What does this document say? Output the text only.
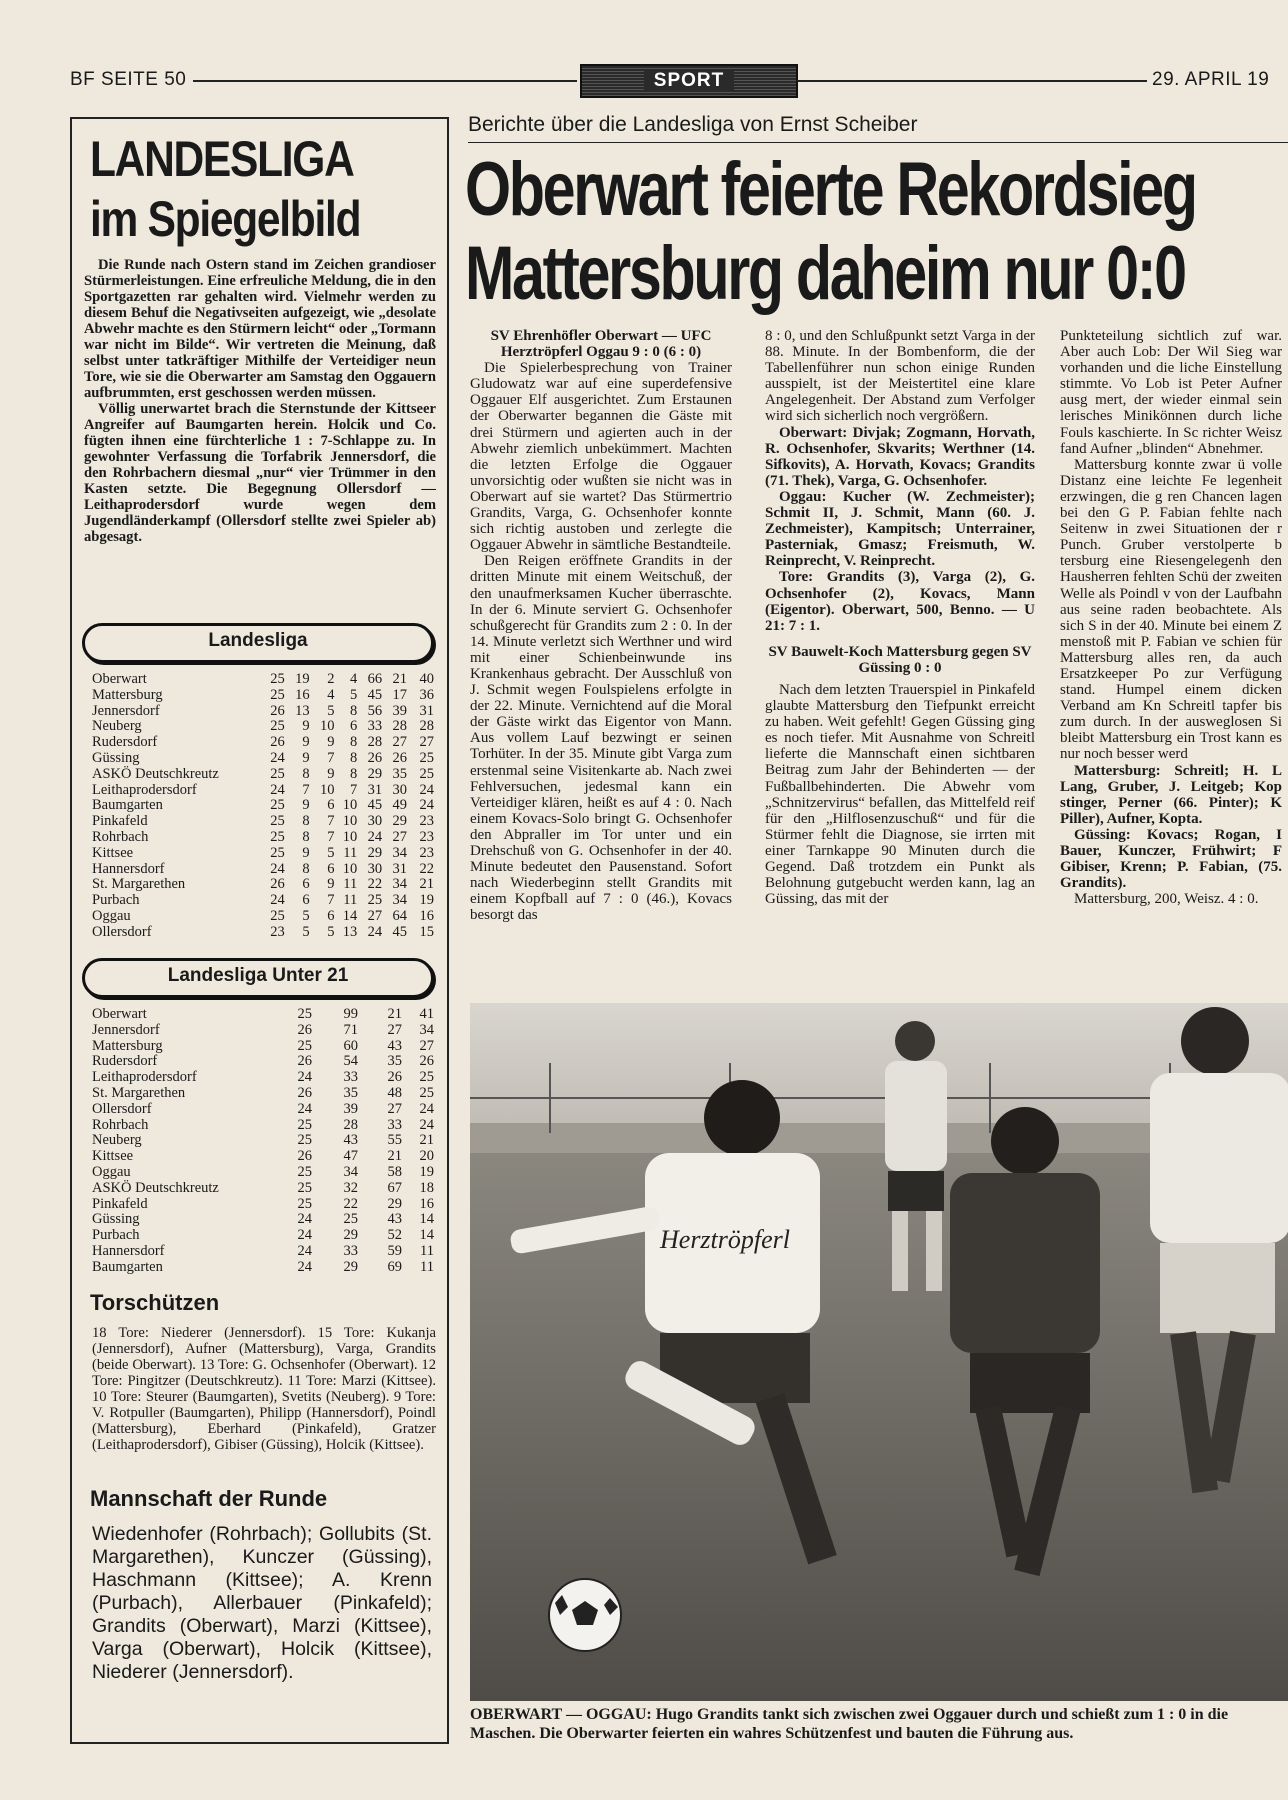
BF SEITE 50	SPORT	29. APRIL 19
LANDESLIGA
im Spiegelbild

Die Runde nach Ostern stand im Zeichen grandioser Stürmerleistungen. Eine erfreuliche Meldung, die in den Sportgazetten rar gehalten wird. Vielmehr werden zu diesem Behuf die Negativseiten aufgezeigt, wie „desolate Abwehr machte es den Stürmern leicht“ oder „Tormann war nicht im Bilde“. Wir vertreten die Meinung, daß selbst unter tatkräftiger Mithilfe der Verteidiger neun Tore, wie sie die Oberwarter am Samstag den Oggauern aufbrummten, erst geschossen werden müssen.

Völlig unerwartet brach die Sternstunde der Kittseer Angreifer auf Baumgarten herein. Holcik und Co. fügten ihnen eine fürchterliche 1 : 7-Schlappe zu. In gewohnter Verfassung die Torfabrik Jennersdorf, die den Rohrbachern diesmal „nur“ vier Trümmer in den Kasten setzte. Die Begegnung Ollersdorf — Leithaprodersdorf wurde wegen dem Jugendländerkampf (Ollersdorf stellte zwei Spieler ab) abgesagt.

Landesliga
Oberwart	25	19	2	4	66	21	40
Mattersburg	25	16	4	5	45	17	36
Jennersdorf	26	13	5	8	56	39	31
Neuberg	25	9	10	6	33	28	28
Rudersdorf	26	9	9	8	28	27	27
Güssing	24	9	7	8	26	26	25
ASKÖ Deutschkreutz	25	8	9	8	29	35	25
Leithaprodersdorf	24	7	10	7	31	30	24
Baumgarten	25	9	6	10	45	49	24
Pinkafeld	25	8	7	10	30	29	23
Rohrbach	25	8	7	10	24	27	23
Kittsee	25	9	5	11	29	34	23
Hannersdorf	24	8	6	10	30	31	22
St. Margarethen	26	6	9	11	22	34	21
Purbach	24	6	7	11	25	34	19
Oggau	25	5	6	14	27	64	16
Ollersdorf	23	5	5	13	24	45	15
Landesliga Unter 21
Oberwart	25	99	21	41
Jennersdorf	26	71	27	34
Mattersburg	25	60	43	27
Rudersdorf	26	54	35	26
Leithaprodersdorf	24	33	26	25
St. Margarethen	26	35	48	25
Ollersdorf	24	39	27	24
Rohrbach	25	28	33	24
Neuberg	25	43	55	21
Kittsee	26	47	21	20
Oggau	25	34	58	19
ASKÖ Deutschkreutz	25	32	67	18
Pinkafeld	25	22	29	16
Güssing	24	25	43	14
Purbach	24	29	52	14
Hannersdorf	24	33	59	11
Baumgarten	24	29	69	11
Torschützen
18 Tore: Niederer (Jennersdorf). 15 Tore: Kukanja (Jennersdorf), Aufner (Mattersburg), Varga, Grandits (beide Oberwart). 13 Tore: G. Ochsenhofer (Oberwart). 12 Tore: Pingitzer (Deutschkreutz). 11 Tore: Marzi (Kittsee). 10 Tore: Steurer (Baumgarten), Svetits (Neuberg). 9 Tore: V. Rotpuller (Baumgarten), Philipp (Hannersdorf), Poindl (Mattersburg), Eberhard (Pinkafeld), Gratzer (Leithaprodersdorf), Gibiser (Güssing), Holcik (Kittsee).
Mannschaft der Runde
Wiedenhofer (Rohrbach); Gollubits (St. Margarethen), Kunczer (Güssing), Haschmann (Kittsee); A. Krenn (Purbach), Allerbauer (Pinkafeld); Grandits (Oberwart), Marzi (Kittsee), Varga (Oberwart), Holcik (Kittsee), Niederer (Jennersdorf).
Berichte über die Landesliga von Ernst Scheiber
Oberwart feierte Rekordsieg
Mattersburg daheim nur 0:0

SV Ehrenhöfler Oberwart — UFC Herztröpferl Oggau 9 : 0 (6 : 0)

Die Spielerbesprechung von Trainer Gludowatz war auf eine superdefensive Oggauer Elf ausgerichtet. Zum Erstaunen der Oberwarter begannen die Gäste mit drei Stürmern und agierten auch in der Abwehr ziemlich unbekümmert. Machten die letzten Erfolge die Oggauer unvorsichtig oder wußten sie nicht was in Oberwart auf sie wartet? Das Stürmertrio Grandits, Varga, G. Ochsenhofer konnte sich richtig austoben und zerlegte die Oggauer Abwehr in sämtliche Bestandteile.

Den Reigen eröffnete Grandits in der dritten Minute mit einem Weitschuß, der den unaufmerksamen Kucher überraschte. In der 6. Minute serviert G. Ochsenhofer schußgerecht für Grandits zum 2 : 0. In der 14. Minute verletzt sich Werthner und wird mit einer Schienbeinwunde ins Krankenhaus gebracht. Der Ausschluß von J. Schmit wegen Foulspielens erfolgte in der 22. Minute. Vernichtend auf die Moral der Gäste wirkt das Eigentor von Mann. Aus vollem Lauf bezwingt er seinen Torhüter. In der 35. Minute gibt Varga zum erstenmal seine Visitenkarte ab. Nach zwei Fehlversuchen, jedesmal kann ein Verteidiger klären, heißt es auf 4 : 0. Nach einem Kovacs-Solo bringt G. Ochsenhofer den Abpraller im Tor unter und ein Drehschuß von G. Ochsenhofer in der 40. Minute bedeutet den Pausenstand. Sofort nach Wiederbeginn stellt Grandits mit einem Kopfball auf 7 : 0 (46.), Kovacs besorgt das

8 : 0, und den Schlußpunkt setzt Varga in der 88. Minute. In der Bombenform, die der Tabellenführer nun schon einige Runden ausspielt, ist der Meistertitel eine klare Angelegenheit. Der Abstand zum Verfolger wird sich sicherlich noch vergrößern.

Oberwart: Divjak; Zogmann, Horvath, R. Ochsenhofer, Skvarits; Werthner (14. Sifkovits), A. Horvath, Kovacs; Grandits (71. Thek), Varga, G. Ochsenhofer.

Oggau: Kucher (W. Zechmeister); Schmit II, J. Schmit, Mann (60. J. Zechmeister), Kampitsch; Unterrainer, Pasterniak, Gmasz; Freismuth, W. Reinprecht, V. Reinprecht.

Tore: Grandits (3), Varga (2), G. Ochsenhofer (2), Kovacs, Mann (Eigentor). Oberwart, 500, Benno. — U 21: 7 : 1.

SV Bauwelt-Koch Mattersburg gegen SV Güssing 0 : 0

Nach dem letzten Trauerspiel in Pinkafeld glaubte Mattersburg den Tiefpunkt erreicht zu haben. Weit gefehlt! Gegen Güssing ging es noch tiefer. Mit Ausnahme von Schreitl lieferte die Mannschaft einen sichtbaren Beitrag zum Jahr der Behinderten — der Fußballbehinderten. Die Abwehr vom „Schnitzervirus“ befallen, das Mittelfeld reif für den „Hilflosenzuschuß“ und für die Stürmer fehlt die Diagnose, sie irrten mit einer Tarnkappe 90 Minuten durch die Gegend. Daß trotzdem ein Punkt als Belohnung gutgebucht werden kann, lag an Güssing, das mit der

Punkteteilung sichtlich zuf war. Aber auch Lob: Der Wil Sieg war vorhanden und die liche Einstellung stimmte. Vo Lob ist Peter Aufner ausg mert, der wieder einmal sein lerisches Minikönnen durch liche Fouls kaschierte. In Sc richter Weisz fand Aufner „blinden“ Abnehmer.

Mattersburg konnte zwar ü volle Distanz eine leichte Fe legenheit erzwingen, die g ren Chancen lagen bei den G P. Fabian fehlte nach Seitenw in zwei Situationen der r Punch. Gruber verstolperte b tersburg eine Riesengelegenh den Hausherren fehlten Schü der zweiten Welle als Poindl v von der Laufbahn aus seine raden beobachtete. Als sich S in der 40. Minute bei einem Z menstoß mit P. Fabian ve schien für Mattersburg alles ren, da auch Ersatzkeeper Po zur Verfügung stand. Humpel einem dicken Verband am Kn Schreitl tapfer bis zum durch. In der ausweglosen Si bleibt Mattersburg ein Trost kann es nur noch besser werd

Mattersburg: Schreitl; H. L Lang, Gruber, J. Leitgeb; Kop stinger, Perner (66. Pinter); K Piller), Aufner, Kopta.

Güssing: Kovacs; Rogan, I Bauer, Kunczer, Frühwirt; F Gibiser, Krenn; P. Fabian, (75. Grandits).

Mattersburg, 200, Weisz. 4 : 0.

Herztröpferl
OBERWART — OGGAU: Hugo Grandits tankt sich zwischen zwei Oggauer durch und schießt zum 1 : 0 in die Maschen. Die Oberwarter feierten ein wahres Schützenfest und bauten die Führung aus.
